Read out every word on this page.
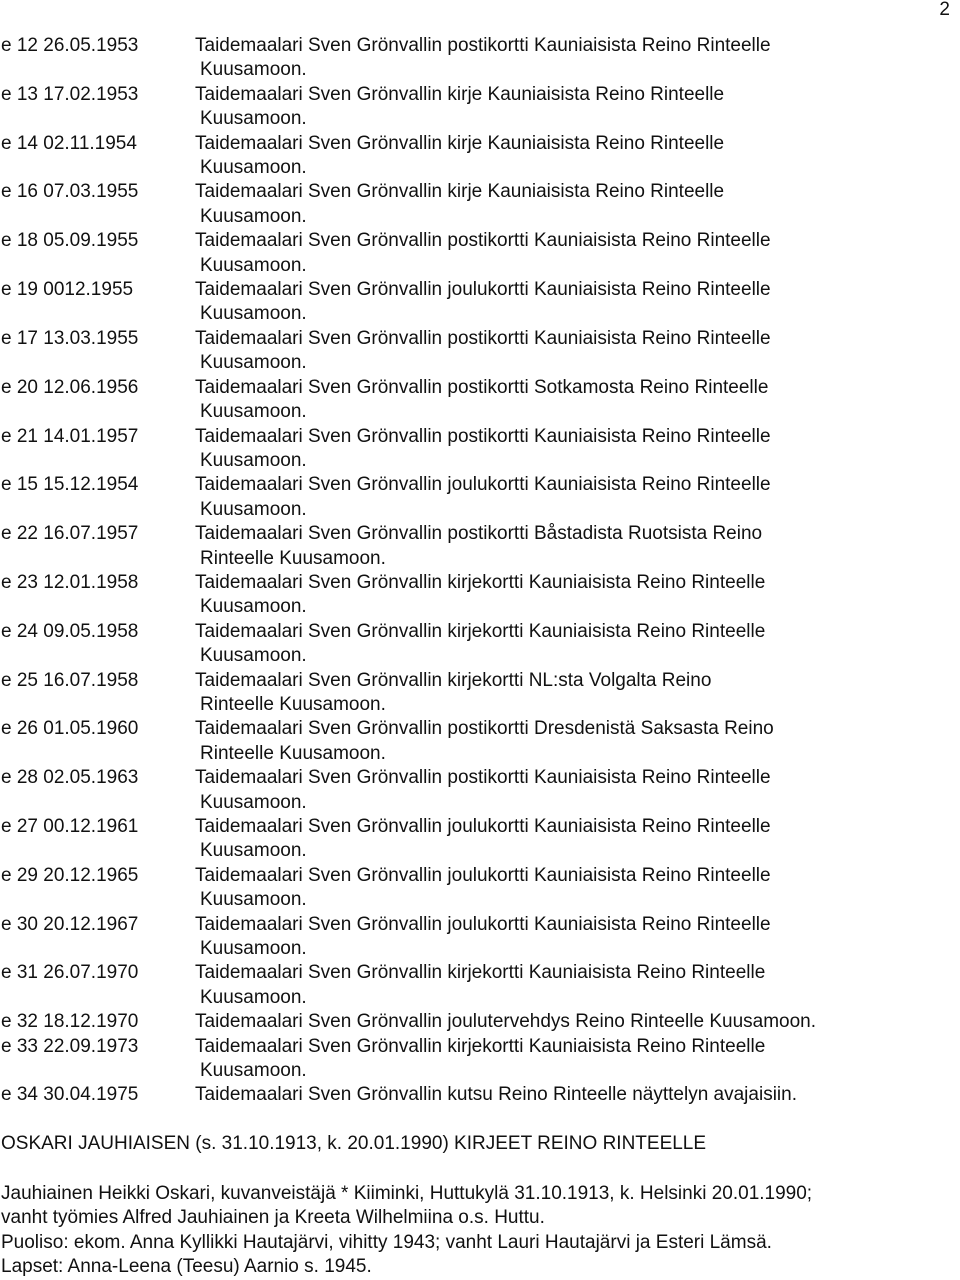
2
e 12 26.05.1953	Taidemaalari Sven Grönvallin postikortti Kauniaisista Reino Rinteelle
Kuusamoon.
e 13 17.02.1953	Taidemaalari Sven Grönvallin kirje Kauniaisista Reino Rinteelle
Kuusamoon.
e 14 02.11.1954	Taidemaalari Sven Grönvallin kirje Kauniaisista Reino Rinteelle
Kuusamoon.
e 16 07.03.1955	Taidemaalari Sven Grönvallin kirje Kauniaisista Reino Rinteelle
Kuusamoon.
e 18 05.09.1955	Taidemaalari Sven Grönvallin postikortti Kauniaisista Reino Rinteelle
Kuusamoon.
e 19 0012.1955	Taidemaalari Sven Grönvallin joulukortti Kauniaisista Reino Rinteelle
Kuusamoon.
e 17 13.03.1955	Taidemaalari Sven Grönvallin postikortti Kauniaisista Reino Rinteelle
Kuusamoon.
e 20 12.06.1956	Taidemaalari Sven Grönvallin postikortti Sotkamosta Reino Rinteelle
Kuusamoon.
e 21 14.01.1957	Taidemaalari Sven Grönvallin postikortti Kauniaisista Reino Rinteelle
Kuusamoon.
e 15 15.12.1954	Taidemaalari Sven Grönvallin joulukortti Kauniaisista Reino Rinteelle
Kuusamoon.
e 22 16.07.1957	Taidemaalari Sven Grönvallin postikortti Båstadista Ruotsista Reino
Rinteelle Kuusamoon.
e 23 12.01.1958	Taidemaalari Sven Grönvallin kirjekortti Kauniaisista Reino Rinteelle
Kuusamoon.
e 24 09.05.1958	Taidemaalari Sven Grönvallin kirjekortti Kauniaisista Reino Rinteelle
Kuusamoon.
e 25 16.07.1958	Taidemaalari Sven Grönvallin kirjekortti NL:sta Volgalta Reino
Rinteelle Kuusamoon.
e 26 01.05.1960	Taidemaalari Sven Grönvallin postikortti Dresdenistä Saksasta Reino
Rinteelle Kuusamoon.
e 28 02.05.1963	Taidemaalari Sven Grönvallin postikortti Kauniaisista Reino Rinteelle
Kuusamoon.
e 27 00.12.1961	Taidemaalari Sven Grönvallin joulukortti Kauniaisista Reino Rinteelle
Kuusamoon.
e 29 20.12.1965	Taidemaalari Sven Grönvallin joulukortti Kauniaisista Reino Rinteelle
Kuusamoon.
e 30 20.12.1967	Taidemaalari Sven Grönvallin joulukortti Kauniaisista Reino Rinteelle
Kuusamoon.
e 31 26.07.1970	Taidemaalari Sven Grönvallin kirjekortti Kauniaisista Reino Rinteelle
Kuusamoon.
e 32 18.12.1970	Taidemaalari Sven Grönvallin joulutervehdys Reino Rinteelle Kuusamoon.
e 33 22.09.1973	Taidemaalari Sven Grönvallin kirjekortti Kauniaisista Reino Rinteelle
Kuusamoon.
e 34 30.04.1975	Taidemaalari Sven Grönvallin kutsu Reino Rinteelle näyttelyn avajaisiin.
OSKARI JAUHIAISEN (s. 31.10.1913, k. 20.01.1990) KIRJEET REINO RINTEELLE

Jauhiainen Heikki Oskari, kuvanveistäjä * Kiiminki, Huttukylä 31.10.1913, k. Helsinki 20.01.1990;

vanht työmies Alfred Jauhiainen ja Kreeta Wilhelmiina o.s. Huttu.

Puoliso: ekom. Anna Kyllikki Hautajärvi, vihitty 1943; vanht Lauri Hautajärvi ja Esteri Lämsä.

Lapset: Anna-Leena (Teesu) Aarnio s. 1945.
